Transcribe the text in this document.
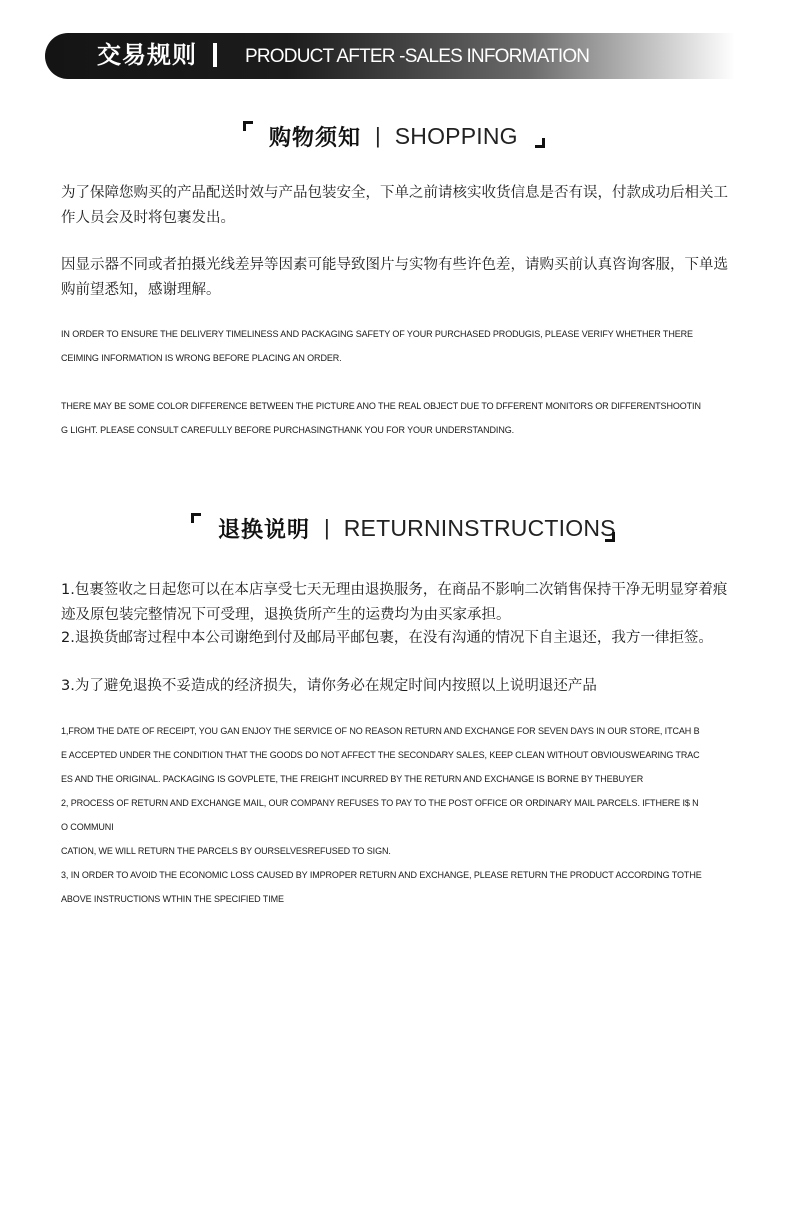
交易规则	PRODUCT AFTER -SALES INFORMATION
购物须知 | SHOPPING

为了保障您购买的产品配送时效与产品包装安全，下单之前请核实收货信息是否有误，付款成功后相关工作人员会及时将包裹发出。

因显示器不同或者拍摄光线差异等因素可能导致图片与实物有些许色差，请购买前认真咨询客服，下单选购前望悉知，感谢理解。

IN ORDER TO ENSURE THE DELIVERY TIMELINESS AND PACKAGING SAFETY OF YOUR PURCHASED PRODUGIS, PLEASE VERIFY WHETHER THERE

CEIMING INFORMATION IS WRONG BEFORE PLACING AN ORDER.

THERE MAY BE SOME COLOR DIFFERENCE BETWEEN THE PICTURE ANO THE REAL OBJECT DUE TO DFFERENT MONITORS OR DIFFERENTSHOOTIN

G LIGHT. PLEASE CONSULT CAREFULLY BEFORE PURCHASINGTHANK YOU FOR YOUR UNDERSTANDING.

退换说明 | RETURNINSTRUCTIONS

1.包裹签收之日起您可以在本店享受七天无理由退换服务，在商品不影响二次销售保持干净无明显穿着痕迹及原包装完整情况下可受理，退换货所产生的运费均为由买家承担。

2.退换货邮寄过程中本公司谢绝到付及邮局平邮包裹，在没有沟通的情况下自主退还，我方一律拒签。

3.为了避免退换不妥造成的经济损失，请你务必在规定时间内按照以上说明退还产品

1,FROM THE DATE OF RECEIPT, YOU GAN ENJOY THE SERVICE OF NO REASON RETURN AND EXCHANGE FOR SEVEN DAYS IN OUR STORE, ITCAH B

E ACCEPTED UNDER THE CONDITION THAT THE GOODS DO NOT AFFECT THE SECONDARY SALES, KEEP CLEAN WITHOUT OBVIOUSWEARING TRAC

ES AND THE ORIGINAL. PACKAGING IS GOVPLETE, THE FREIGHT INCURRED BY THE RETURN AND EXCHANGE IS BORNE BY THEBUYER

2, PROCESS OF RETURN AND EXCHANGE MAIL, OUR COMPANY REFUSES TO PAY TO THE POST OFFICE OR ORDINARY MAIL PARCELS. IFTHERE I$ N

O COMMUNI

CATION, WE WILL RETURN THE PARCELS BY OURSELVESREFUSED TO SIGN.

3, IN ORDER TO AVOID THE ECONOMIC LOSS CAUSED BY IMPROPER RETURN AND EXCHANGE, PLEASE RETURN THE PRODUCT ACCORDING TOTHE

ABOVE INSTRUCTIONS WTHIN THE SPECIFIED TIME
